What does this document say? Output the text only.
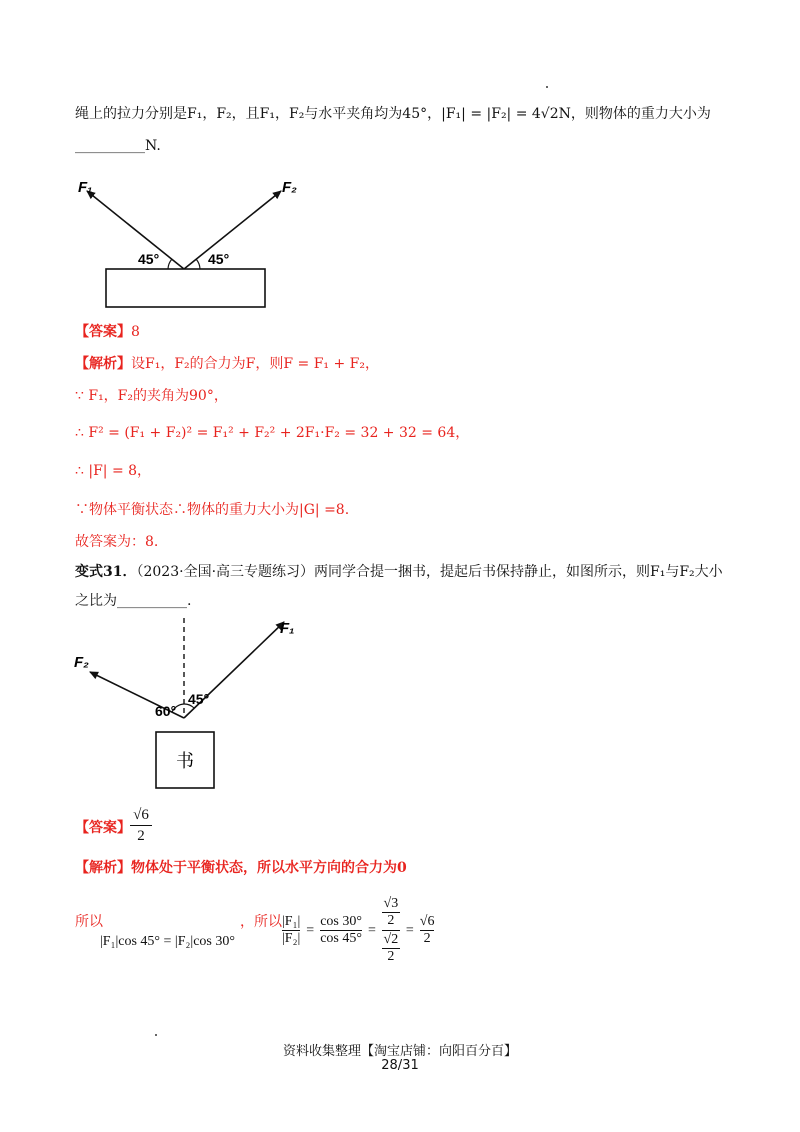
绳上的拉力分别是F₁，F₂，且F₁，F₂与水平夹角均为45°，|F₁| = |F₂| = 4√2N，则物体的重力大小为
__________N.
F₁	F₂
45°	45°
【答案】8
【解析】设F₁，F₂的合力为F，则F = F₁ + F₂，
∵ F₁，F₂的夹角为90°，
∴ F² = (F₁ + F₂)² = F₁² + F₂² + 2F₁·F₂ = 32 + 32 = 64，
∴ |F| = 8，
∵物体平衡状态∴物体的重力大小为|G| =8.
故答案为：8.
变式31．（2023·全国·高三专题练习）两同学合提一捆书，提起后书保持静止，如图所示，则F₁与F₂大小
之比为__________.
书
F₁
F₂
60°
45°
【答案】
√6
2
【解析】物体处于平衡状态，所以水平方向的合力为0
所以
|F₁|cos 45° = |F₂|cos 30°
，所以 |F₁|
|F₂|
=
cos 30°
cos 45°
=
√3
2
√2
2
=
√6
2
资料收集整理【淘宝店铺：向阳百分百】
28/31
